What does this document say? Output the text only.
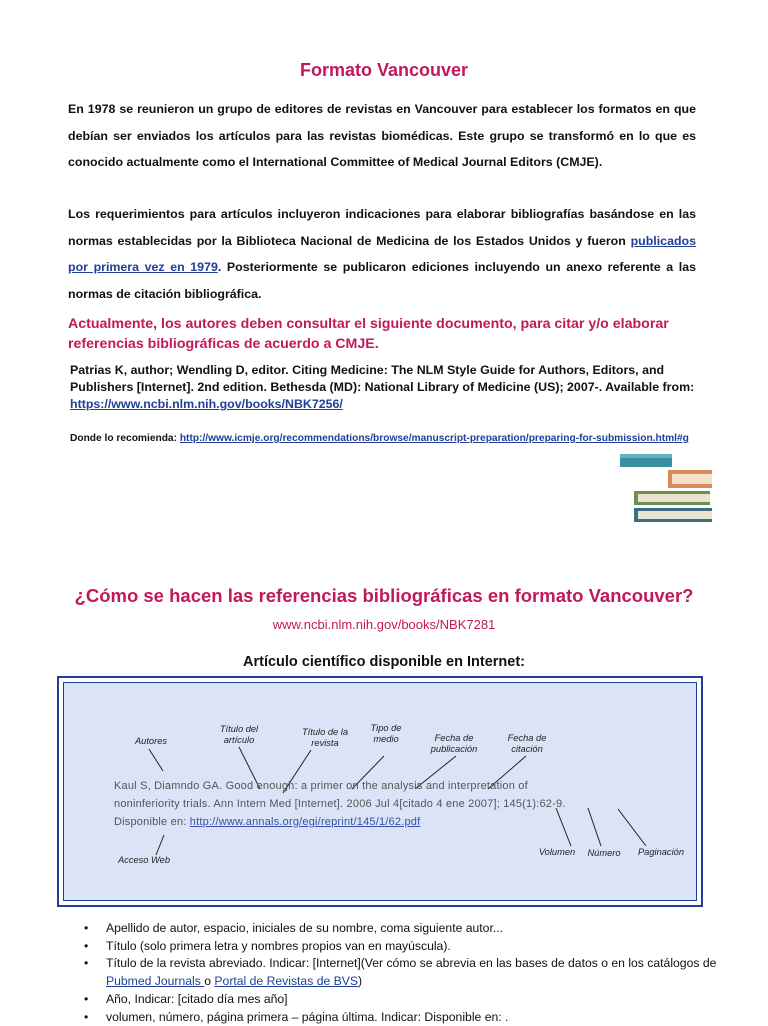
Formato Vancouver
En 1978 se reunieron un grupo de editores de revistas en Vancouver para establecer los formatos en que debían ser enviados los artículos para las revistas biomédicas. Este grupo se transformó en lo que es conocido actualmente como el International Committee of Medical Journal Editors (CMJE).
Los requerimientos para artículos incluyeron indicaciones para elaborar bibliografías basándose en las normas establecidas por la Biblioteca Nacional de Medicina de los Estados Unidos y fueron publicados por primera vez en 1979. Posteriormente se publicaron ediciones incluyendo un anexo referente a las normas de citación bibliográfica.
Actualmente, los autores deben consultar el siguiente documento, para citar y/o elaborar referencias bibliográficas de acuerdo a CMJE.
Patrias K, author; Wendling D, editor. Citing Medicine: The NLM Style Guide for Authors, Editors, and Publishers [Internet]. 2nd edition. Bethesda (MD): National Library of Medicine (US); 2007-. Available from: https://www.ncbi.nlm.nih.gov/books/NBK7256/
Donde lo recomienda: http://www.icmje.org/recommendations/browse/manuscript-preparation/preparing-for-submission.html#g
¿Cómo se hacen las referencias bibliográficas en formato Vancouver?
www.ncbi.nlm.nih.gov/books/NBK7281
Artículo científico disponible en Internet:
Autores
Título del artículo
Título de la revista
Tipo de medio	Fecha de publicación
Fecha de citación
Kaul S, Diamndo GA. Good enough: a primer on the analysis and interpretation of
noninferiority trials. Ann Intern Med [Internet]. 2006 Jul 4[citado 4 ene 2007]; 145(1):62-9.
Disponible en: http://www.annals.org/egi/reprint/145/1/62.pdf
Acceso Web
Volumen	Número	Paginación
• Apellido de autor, espacio, iniciales de su nombre, coma siguiente autor...
• Título (solo primera letra y nombres propios van en mayúscula).
• Título de la revista abreviado. Indicar: [Internet](Ver cómo se abrevia en las bases de datos o en los catálogos de Pubmed Journals o Portal de Revistas de BVS)
• Año, Indicar: [citado día mes año]
• volumen, número, página primera – página última. Indicar: Disponible en: .
